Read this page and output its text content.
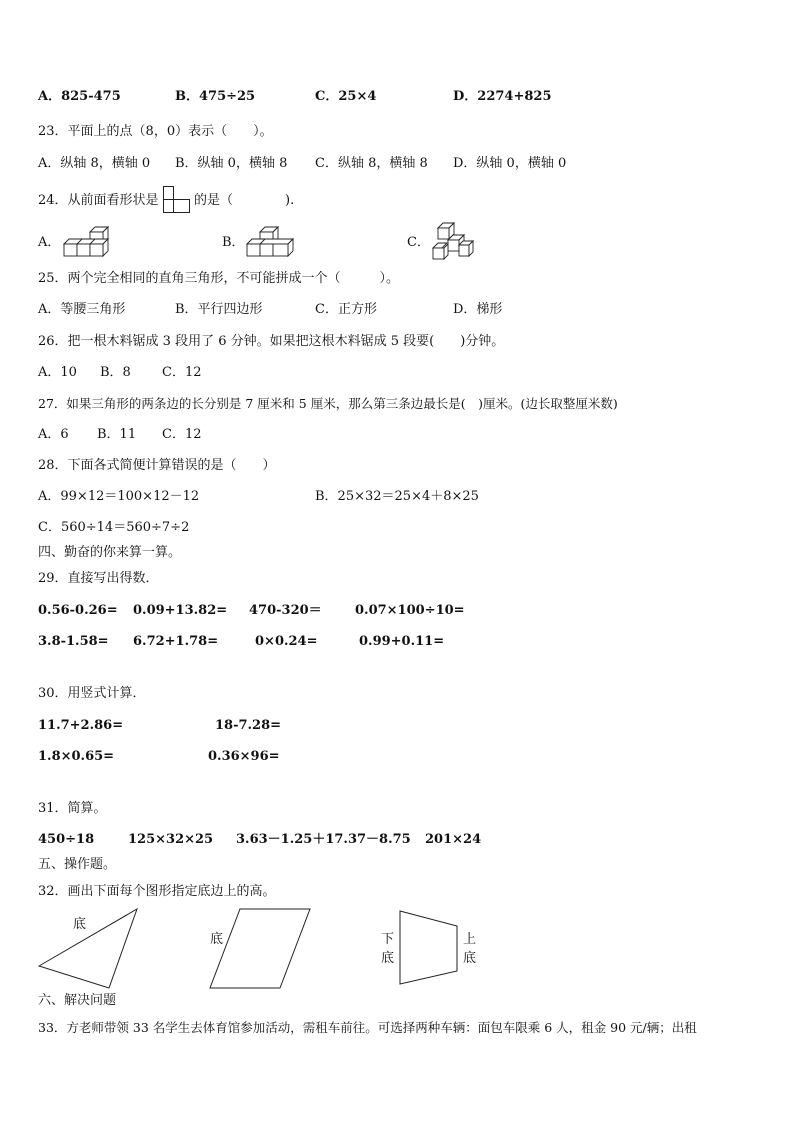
A．825-475	B．475÷25	C．25×4	D．2274+825
23．平面上的点（8，0）表示（　　）。
A．纵轴 8，横轴 0 B．纵轴 0，横轴 8 C．纵轴 8，横轴 8 D．纵轴 0，横轴 0
24．从前面看形状是	的是（　　　　).
A．	B．	C．
25．两个完全相同的直角三角形，不可能拼成一个（　　　）。
A．等腰三角形	B．平行四边形	C．正方形	D．梯形
26．把一根木料锯成 3 段用了 6 分钟。如果把这根木料锯成 5 段要(　　)分钟。
A．10 B．8 C．12
27．如果三角形的两条边的长分别是 7 厘米和 5 厘米，那么第三条边最长是(　)厘米。(边长取整厘米数)
A．6 B．11 C．12
28．下面各式简便计算错误的是（　　）
A．99×12＝100×12－12	B．25×32＝25×4＋8×25
C．560÷14＝560÷7÷2
四、勤奋的你来算一算。
29．直接写出得数．
0.56-0.26= 0.09+13.82= 470-320＝	0.07×100÷10=
3.8-1.58= 6.72+1.78=	0×0.24=	0.99+0.11=
30．用竖式计算．
11.7+2.86=	18-7.28=
1.8×0.65=	0.36×96=
31．简算。
450÷18	125×32×25 3.63－1.25＋17.37－8.75 201×24
五、操作题。
32．画出下面每个图形指定底边上的高。
底
底	下
底
上
底
六、解决问题
33．方老师带领 33 名学生去体育馆参加活动，需租车前往。可选择两种车辆：面包车限乘 6 人，租金 90 元/辆；出租
